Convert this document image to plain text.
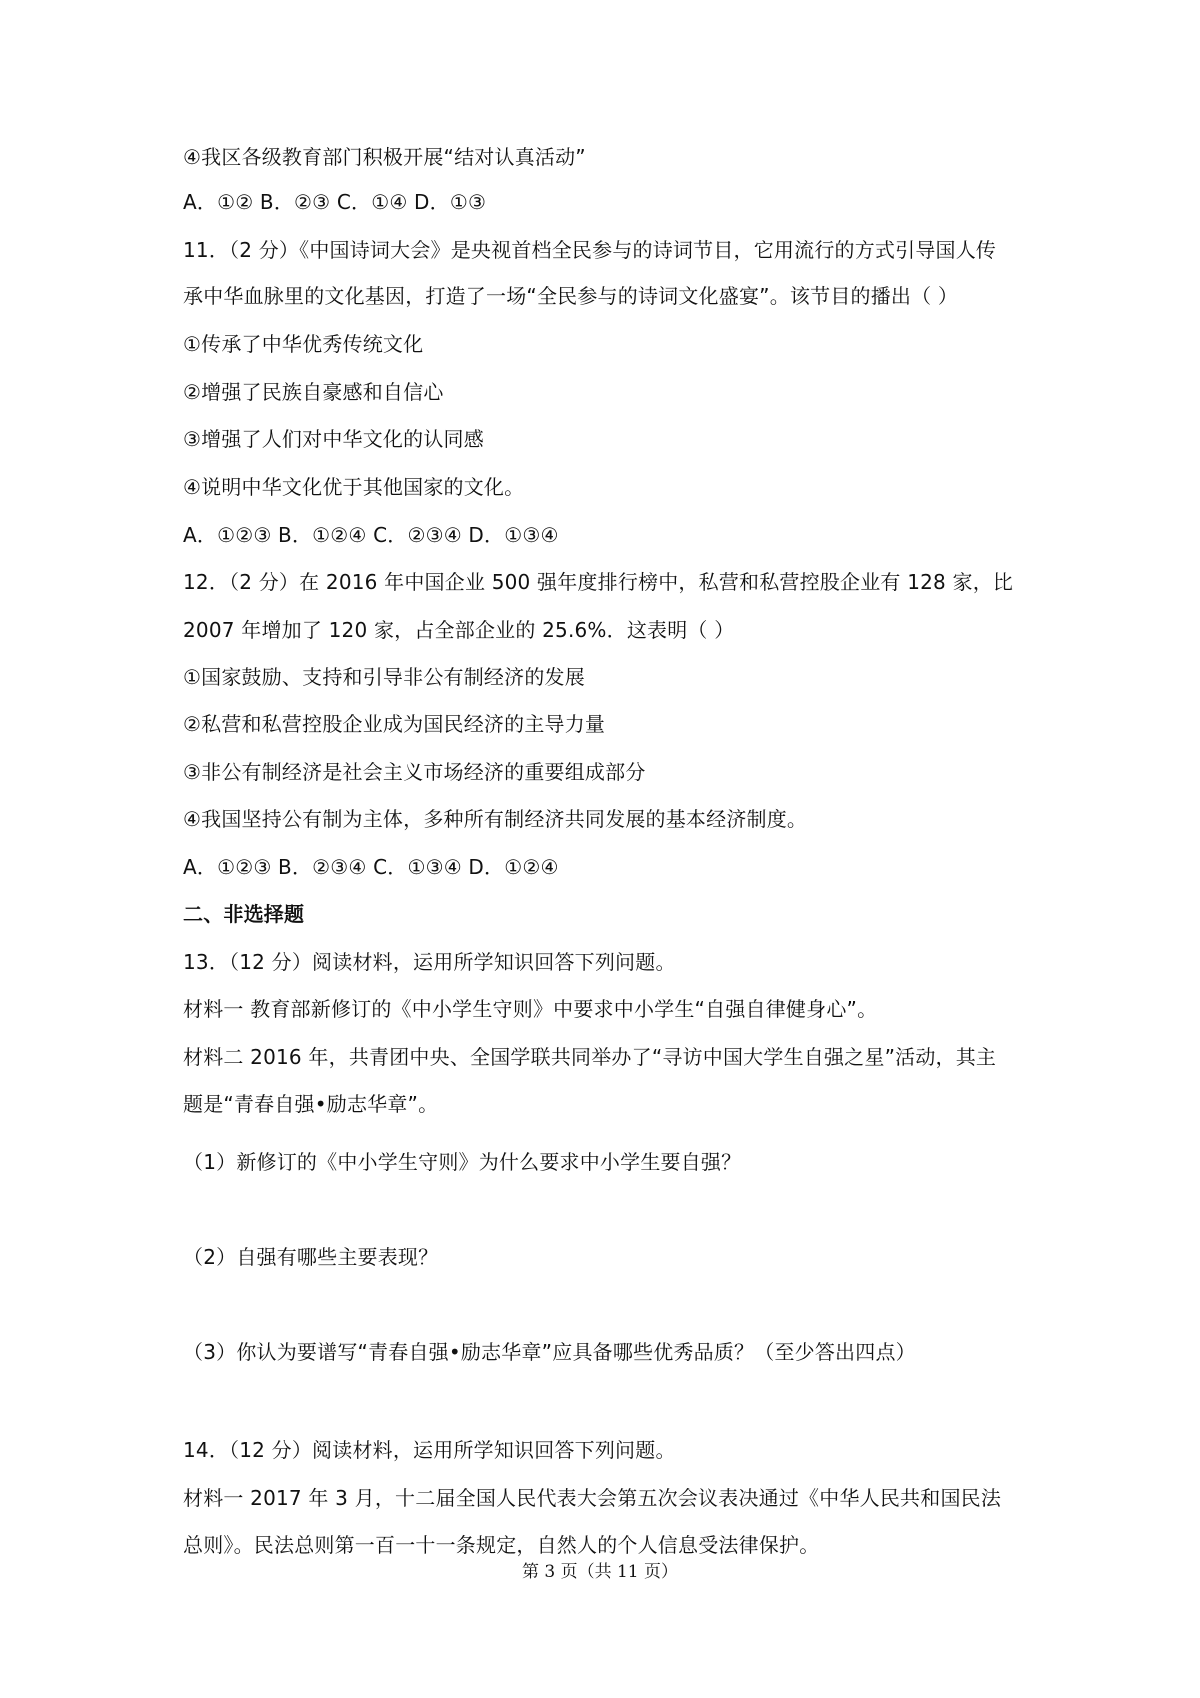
④我区各级教育部门积极开展“结对认真活动”
A．①② B．②③ C．①④ D．①③
11．（2 分）《中国诗词大会》是央视首档全民参与的诗词节目，它用流行的方式引导国人传
承中华血脉里的文化基因，打造了一场“全民参与的诗词文化盛宴”。该节目的播出（ ）
①传承了中华优秀传统文化
②增强了民族自豪感和自信心
③增强了人们对中华文化的认同感
④说明中华文化优于其他国家的文化。
A．①②③ B．①②④ C．②③④ D．①③④
12．（2 分）在 2016 年中国企业 500 强年度排行榜中，私营和私营控股企业有 128 家，比
2007 年增加了 120 家，占全部企业的 25.6%．这表明（ ）
①国家鼓励、支持和引导非公有制经济的发展
②私营和私营控股企业成为国民经济的主导力量
③非公有制经济是社会主义市场经济的重要组成部分
④我国坚持公有制为主体，多种所有制经济共同发展的基本经济制度。
A．①②③ B．②③④ C．①③④ D．①②④
二、非选择题
13．（12 分）阅读材料，运用所学知识回答下列问题。
材料一 教育部新修订的《中小学生守则》中要求中小学生“自强自律健身心”。
材料二 2016 年，共青团中央、全国学联共同举办了“寻访中国大学生自强之星”活动，其主
题是“青春自强•励志华章”。
（1）新修订的《中小学生守则》为什么要求中小学生要自强？
（2）自强有哪些主要表现？
（3）你认为要谱写“青春自强•励志华章”应具备哪些优秀品质？（至少答出四点）
14．（12 分）阅读材料，运用所学知识回答下列问题。
材料一 2017 年 3 月，十二届全国人民代表大会第五次会议表决通过《中华人民共和国民法
总则》。民法总则第一百一十一条规定，自然人的个人信息受法律保护。
第 3 页（共 11 页）
